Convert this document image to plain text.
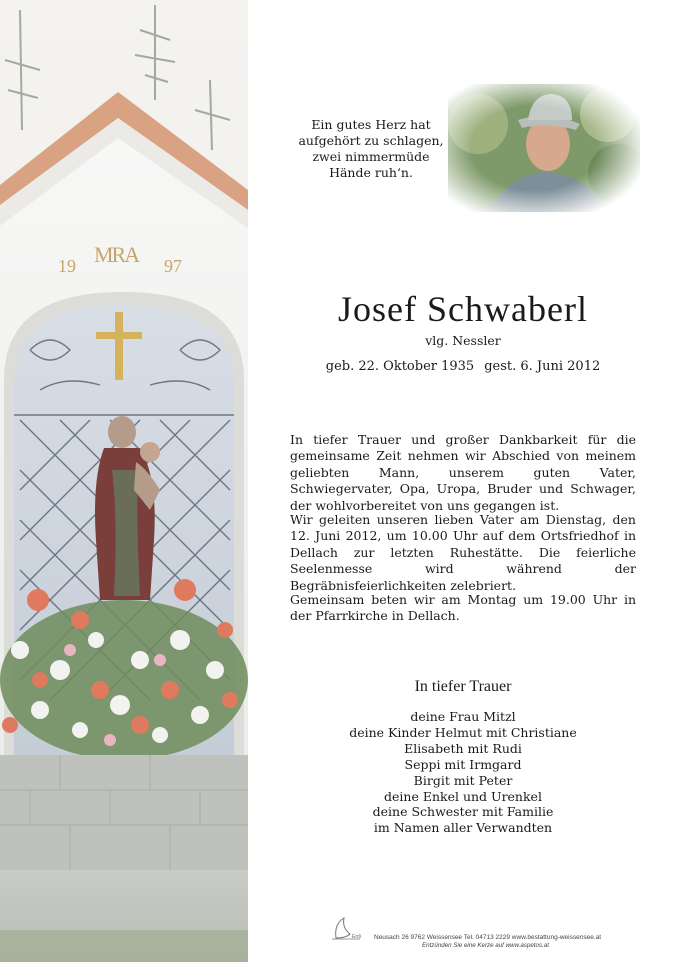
19 MRA 97
Ein gutes Herz hat
aufgehört zu schlagen,
zwei nimmermüde
Hände ruh‘n.
Josef Schwaberl
vlg. Nessler
geb. 22. Oktober 1935 gest. 6. Juni 2012

In tiefer Trauer und großer Dankbarkeit für die gemeinsame Zeit nehmen wir Abschied von meinem geliebten Mann, unserem guten Vater, Schwiegervater, Opa, Uropa, Bruder und Schwager, der wohlvorbereitet von uns gegangen ist.

Wir geleiten unseren lieben Vater am Dienstag, den 12. Juni 2012, um 10.00 Uhr auf dem Ortsfriedhof in Dellach zur letzten Ruhestätte. Die feierliche Seelenmesse wird während der Begräbnisfeierlichkeiten zelebriert.

Gemeinsam beten wir am Montag um 19.00 Uhr in der Pfarrkirche in Dellach.

In tiefer Trauer
deine Frau Mitzl
deine Kinder Helmut mit Christiane
Elisabeth mit Rudi
Seppi mit Irmgard
Birgit mit Peter
deine Enkel und Urenkel
deine Schwester mit Familie
im Namen aller Verwandten
Erdi Neusach 26 9762 Weissensee Tel. 04713 2229 www.bestattung-weissensee.at
Entzünden Sie eine Kerze auf www.aspetos.at
